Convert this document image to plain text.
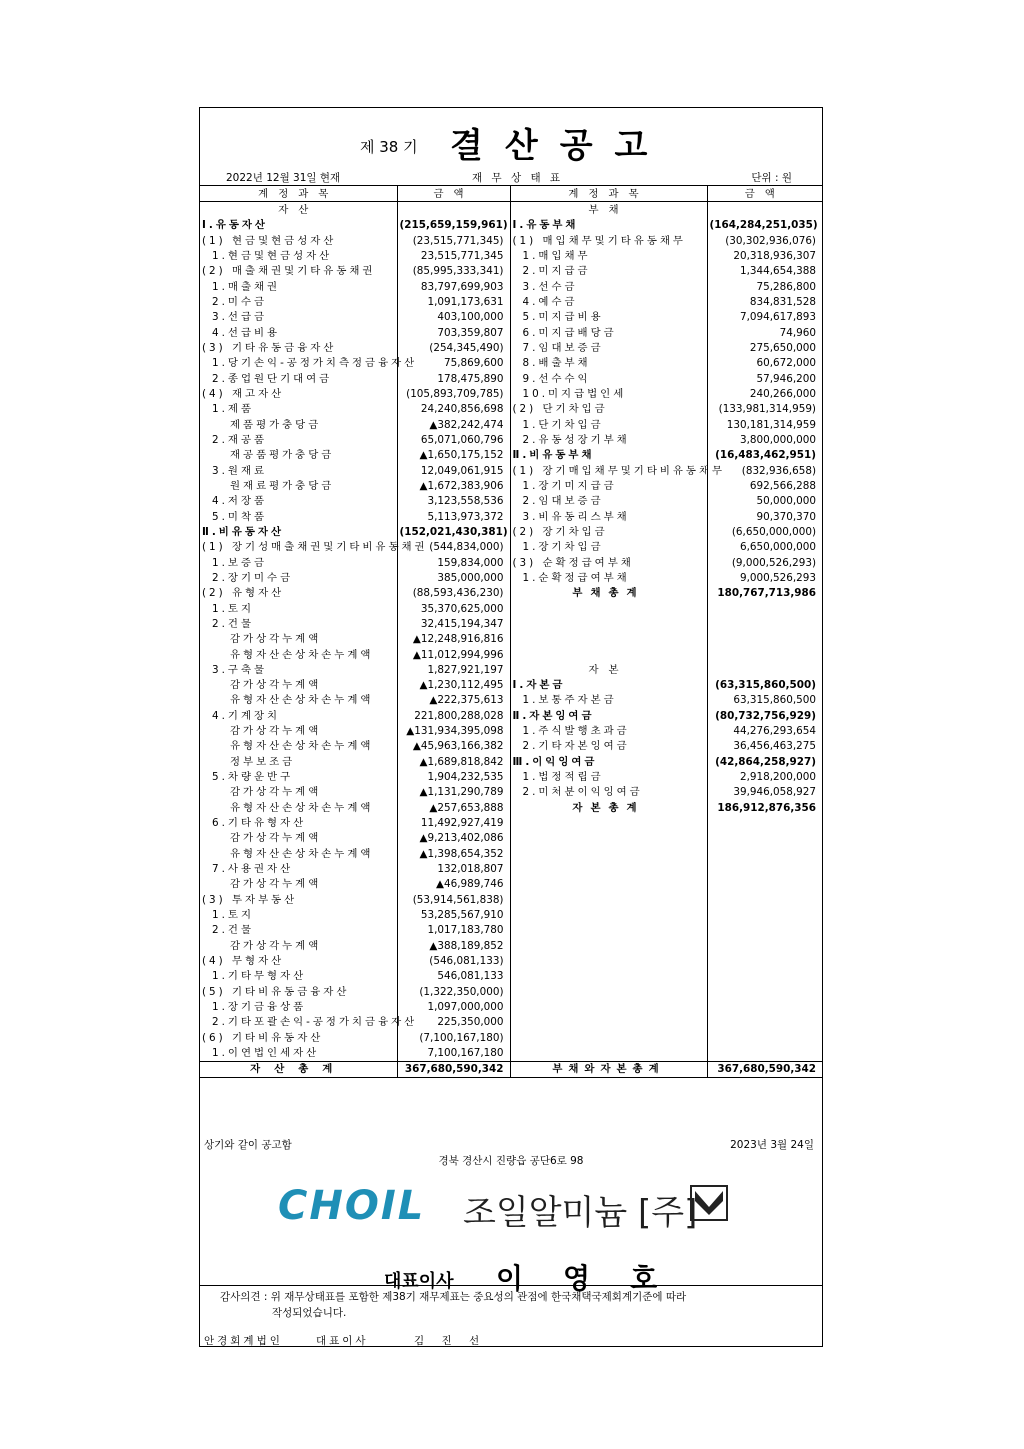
제 38 기 결산공고
2022년 12월 31일 현재	재 무 상 태 표	단위 : 원
계정과목	금액	계정과목	금액
자산		부채	
Ⅰ.유동자산	(215,659,159,961)	Ⅰ.유동부채	(164,284,251,035)
(1) 현금및현금성자산	(23,515,771,345)	(1) 매입채무및기타유동채무	(30,302,936,076)
1.현금및현금성자산	23,515,771,345	1.매입채무	20,318,936,307
(2) 매출채권및기타유동채권	(85,995,333,341)	2.미지급금	1,344,654,388
1.매출채권	83,797,699,903	3.선수금	75,286,800
2.미수금	1,091,173,631	4.예수금	834,831,528
3.선급금	403,100,000	5.미지급비용	7,094,617,893
4.선급비용	703,359,807	6.미지급배당금	74,960
(3) 기타유동금융자산	(254,345,490)	7.임대보증금	275,650,000
1.당기손익-공정가치측정금융자산	75,869,600	8.배출부채	60,672,000
2.종업원단기대여금	178,475,890	9.선수수익	57,946,200
(4) 재고자산	(105,893,709,785)	10.미지급법인세	240,266,000
1.제품	24,240,856,698	(2) 단기차입금	(133,981,314,959)
제품평가충당금	▲382,242,474	1.단기차입금	130,181,314,959
2.재공품	65,071,060,796	2.유동성장기부채	3,800,000,000
재공품평가충당금	▲1,650,175,152	Ⅱ.비유동부채	(16,483,462,951)
3.원재료	12,049,061,915	(1) 장기매입채무및기타비유동채무	(832,936,658)
원재료평가충당금	▲1,672,383,906	1.장기미지급금	692,566,288
4.저장품	3,123,558,536	2.임대보증금	50,000,000
5.미착품	5,113,973,372	3.비유동리스부채	90,370,370
Ⅱ.비유동자산	(152,021,430,381)	(2) 장기차입금	(6,650,000,000)
(1) 장기성매출채권및기타비유동채권	(544,834,000)	1.장기차입금	6,650,000,000
1.보증금	159,834,000	(3) 순확정급여부채	(9,000,526,293)
2.장기미수금	385,000,000	1.순확정급여부채	9,000,526,293
(2) 유형자산	(88,593,436,230)	부채총계	180,767,713,986
1.토지	35,370,625,000		
2.건물	32,415,194,347		
감가상각누계액	▲12,248,916,816		
유형자산손상차손누계액	▲11,012,994,996		
3.구축물	1,827,921,197	자본	
감가상각누계액	▲1,230,112,495	Ⅰ.자본금	(63,315,860,500)
유형자산손상차손누계액	▲222,375,613	1.보통주자본금	63,315,860,500
4.기계장치	221,800,288,028	Ⅱ.자본잉여금	(80,732,756,929)
감가상각누계액	▲131,934,395,098	1.주식발행초과금	44,276,293,654
유형자산손상차손누계액	▲45,963,166,382	2.기타자본잉여금	36,456,463,275
정부보조금	▲1,689,818,842	Ⅲ.이익잉여금	(42,864,258,927)
5.차량운반구	1,904,232,535	1.법정적립금	2,918,200,000
감가상각누계액	▲1,131,290,789	2.미처분이익잉여금	39,946,058,927
유형자산손상차손누계액	▲257,653,888	자본총계	186,912,876,356
6.기타유형자산	11,492,927,419		
감가상각누계액	▲9,213,402,086		
유형자산손상차손누계액	▲1,398,654,352		
7.사용권자산	132,018,807		
감가상각누계액	▲46,989,746		
(3) 투자부동산	(53,914,561,838)		
1.토지	53,285,567,910		
2.건물	1,017,183,780		
감가상각누계액	▲388,189,852		
(4) 무형자산	(546,081,133)		
1.기타무형자산	546,081,133		
(5) 기타비유동금융자산	(1,322,350,000)		
1.장기금융상품	1,097,000,000		
2.기타포괄손익-공정가치금융자산	225,350,000		
(6) 기타비유동자산	(7,100,167,180)		
1.이연법인세자산	7,100,167,180		
자산총계	367,680,590,342	부채와자본총계	367,680,590,342
상기와 같이 공고함	2023년 3월 24일
경북 경산시 진량읍 공단6로 98
CHOIL 조일알미늄 [주]
대표이사 이영호
감사의견 : 위 재무상태표를 포함한 제38기 재무제표는 중요성의 관점에 한국채택국제회계기준에 따라
작성되었습니다.
안경회계법인	대표이사	김 진 선
